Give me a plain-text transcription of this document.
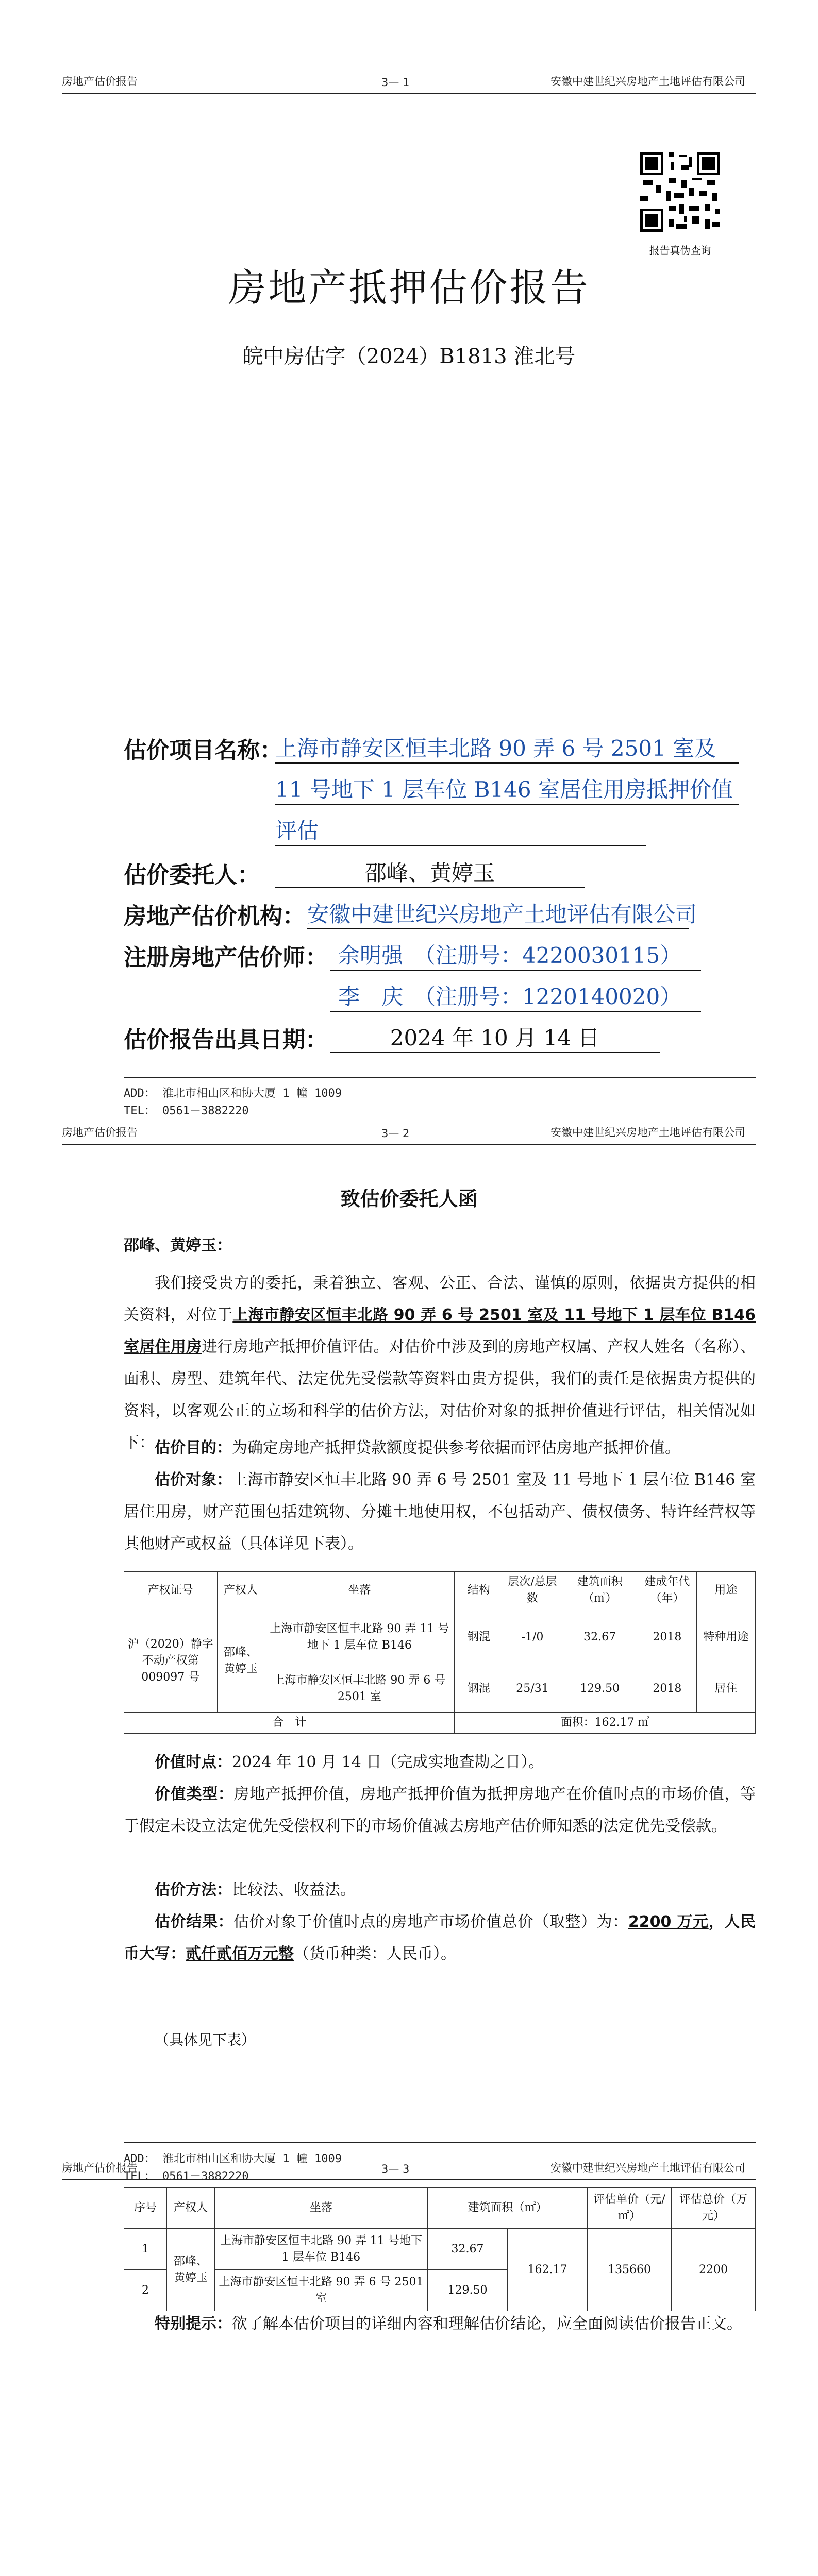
房地产估价报告	3— 1	安徽中建世纪兴房地产土地评估有限公司
报告真伪查询
房地产抵押估价报告
皖中房估字（2024）B1813 淮北号
估价项目名称：
上海市静安区恒丰北路 90 弄 6 号 2501 室及
11 号地下 1 层车位 B146 室居住用房抵押价值
评估
估价委托人：	邵峰、黄婷玉
房地产估价机构： 安徽中建世纪兴房地产土地评估有限公司
注册房地产估价师： 余明强　（注册号：4220030115）
李　庆　（注册号：1220140020）
估价报告出具日期：	2024 年 10 月 14 日
ADD： 淮北市相山区和协大厦 1 幢 1009
TEL： 0561－3882220
房地产估价报告	3— 2	安徽中建世纪兴房地产土地评估有限公司
致估价委托人函
邵峰、黄婷玉：
我们接受贵方的委托，秉着独立、客观、公正、合法、谨慎的原则，依据贵方提供的相关资料，对位于上海市静安区恒丰北路 90 弄 6 号 2501 室及 11 号地下 1 层车位 B146 室居住用房进行房地产抵押价值评估。对估价中涉及到的房地产权属、产权人姓名（名称）、面积、房型、建筑年代、法定优先受偿款等资料由贵方提供，我们的责任是依据贵方提供的资料，以客观公正的立场和科学的估价方法，对估价对象的抵押价值进行评估，相关情况如下： 估价目的：为确定房地产抵押贷款额度提供参考依据而评估房地产抵押价值。
估价对象：上海市静安区恒丰北路 90 弄 6 号 2501 室及 11 号地下 1 层车位 B146 室居住用房，财产范围包括建筑物、分摊土地使用权，不包括动产、债权债务、特许经营权等其他财产或权益（具体详见下表）。
产权证号	产权人	坐落	结构	层次/总层数	建筑面积（㎡）	建成年代（年）	用途
沪（2020）静字不动产权第 009097 号	邵峰、黄婷玉	上海市静安区恒丰北路 90 弄 11 号地下 1 层车位 B146	钢混	-1/0	32.67	2018	特种用途
		上海市静安区恒丰北路 90 弄 6 号 2501 室	钢混	25/31	129.50	2018	居住
合　计			面积：162.17 ㎡				
价值时点：2024 年 10 月 14 日（完成实地查勘之日）。
价值类型：房地产抵押价值，房地产抵押价值为抵押房地产在价值时点的市场价值，等于假定未设立法定优先受偿权利下的市场价值减去房地产估价师知悉的法定优先受偿款。
估价方法：比较法、收益法。
估价结果：估价对象于价值时点的房地产市场价值总价（取整）为：2200 万元，人民币大写：贰仟贰佰万元整（货币种类：人民币）。
（具体见下表）
ADD： 淮北市相山区和协大厦 1 幢 1009
TEL： 0561－3882220
房地产估价报告	3— 3	安徽中建世纪兴房地产土地评估有限公司
序号	产权人	坐落	建筑面积（㎡）		评估单价（元/㎡）	评估总价（万元）
1	邵峰、黄婷玉	上海市静安区恒丰北路 90 弄 11 号地下 1 层车位 B146	32.67	162.17	135660	2200
2		上海市静安区恒丰北路 90 弄 6 号 2501 室	129.50			
特别提示：欲了解本估价项目的详细内容和理解估价结论，应全面阅读估价报告正文。
